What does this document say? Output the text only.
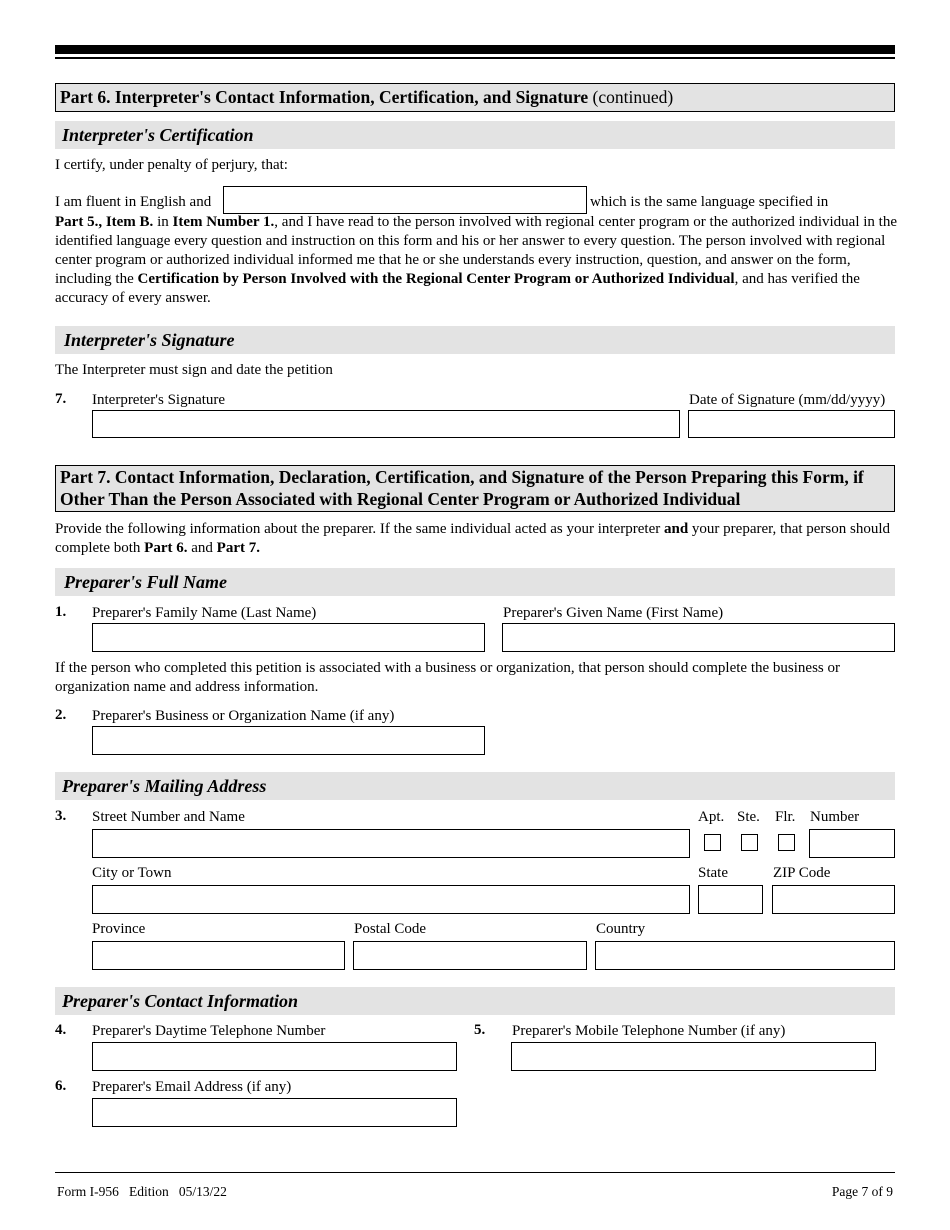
Part 6. Interpreter's Contact Information, Certification, and Signature (continued)
Interpreter's Certification
I certify, under penalty of perjury, that:
I am fluent in English and	which is the same language specified in
Part 5., Item B. in Item Number 1., and I have read to the person involved with regional center program or the authorized individual in the identified language every question and instruction on this form and his or her answer to every question. The person involved with regional center program or authorized individual informed me that he or she understands every instruction, question, and answer on the form, including the Certification by Person Involved with the Regional Center Program or Authorized Individual, and has verified the accuracy of every answer.
Interpreter's Signature
The Interpreter must sign and date the petition
7. Interpreter's Signature	Date of Signature (mm/dd/yyyy)
Part 7. Contact Information, Declaration, Certification, and Signature of the Person Preparing this Form, if Other Than the Person Associated with Regional Center Program or Authorized Individual
Provide the following information about the preparer. If the same individual acted as your interpreter and your preparer, that person should complete both Part 6. and Part 7.
Preparer's Full Name
1. Preparer's Family Name (Last Name)	Preparer's Given Name (First Name)
If the person who completed this petition is associated with a business or organization, that person should complete the business or organization name and address information.
2. Preparer's Business or Organization Name (if any)
Preparer's Mailing Address
3. Street Number and Name	Apt. Ste. Flr. Number
City or Town	State	ZIP Code
Province	Postal Code	Country
Preparer's Contact Information
4. Preparer's Daytime Telephone Number	5. Preparer's Mobile Telephone Number (if any)
6. Preparer's Email Address (if any)
Form I-956   Edition   05/13/22	Page 7 of 9
